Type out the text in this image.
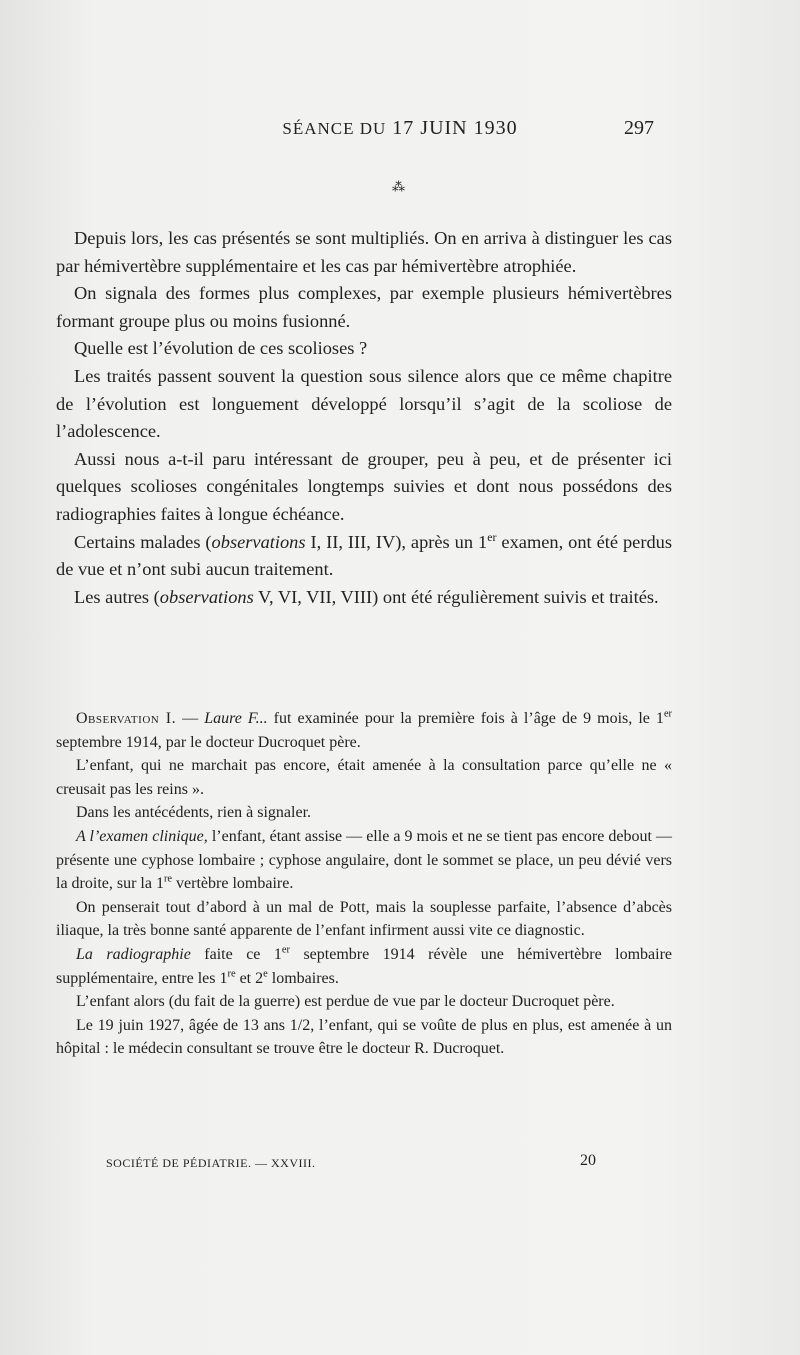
SÉANCE DU 17 JUIN 1930	297
⁂

Depuis lors, les cas présentés se sont multipliés. On en arriva à distinguer les cas par hémivertèbre supplémentaire et les cas par hémivertèbre atrophiée.

On signala des formes plus complexes, par exemple plusieurs hémivertèbres formant groupe plus ou moins fusionné.

Quelle est l’évolution de ces scolioses ?

Les traités passent souvent la question sous silence alors que ce même chapitre de l’évolution est longuement développé lorsqu’il s’agit de la scoliose de l’adolescence.

Aussi nous a-t-il paru intéressant de grouper, peu à peu, et de présenter ici quelques scolioses congénitales longtemps suivies et dont nous possédons des radiographies faites à longue échéance.

Certains malades (observations I, II, III, IV), après un 1er examen, ont été perdus de vue et n’ont subi aucun traitement.

Les autres (observations V, VI, VII, VIII) ont été régulièrement suivis et traités.

Observation I. — Laure F... fut examinée pour la première fois à l’âge de 9 mois, le 1er septembre 1914, par le docteur Ducroquet père.

L’enfant, qui ne marchait pas encore, était amenée à la consultation parce qu’elle ne « creusait pas les reins ».

Dans les antécédents, rien à signaler.

A l’examen clinique, l’enfant, étant assise — elle a 9 mois et ne se tient pas encore debout — présente une cyphose lombaire ; cyphose angulaire, dont le sommet se place, un peu dévié vers la droite, sur la 1re vertèbre lombaire.

On penserait tout d’abord à un mal de Pott, mais la souplesse parfaite, l’absence d’abcès iliaque, la très bonne santé apparente de l’enfant infirment aussi vite ce diagnostic.

La radiographie faite ce 1er septembre 1914 révèle une hémivertèbre lombaire supplémentaire, entre les 1re et 2e lombaires.

L’enfant alors (du fait de la guerre) est perdue de vue par le docteur Ducroquet père.

Le 19 juin 1927, âgée de 13 ans 1/2, l’enfant, qui se voûte de plus en plus, est amenée à un hôpital : le médecin consultant se trouve être le docteur R. Ducroquet.

SOCIÉTÉ DE PÉDIATRIE. — XXVIII.	20
